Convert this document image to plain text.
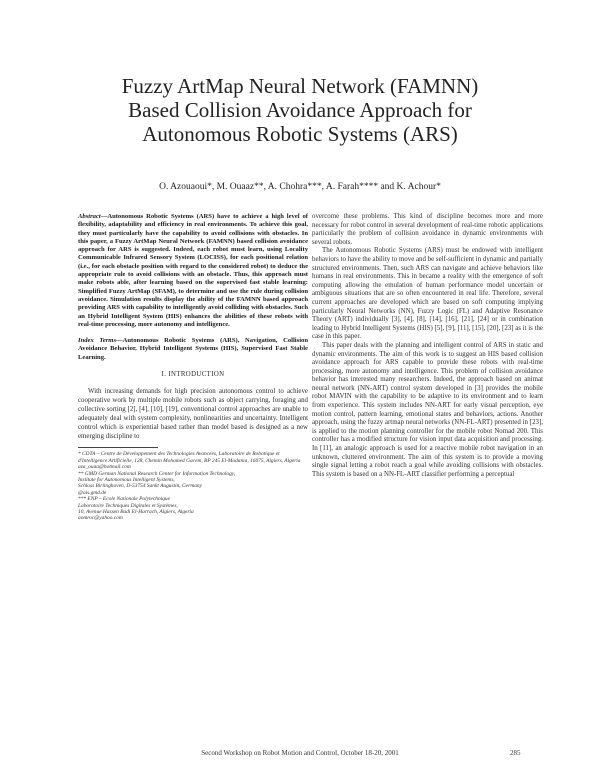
Fuzzy ArtMap Neural Network (FAMNN)
Based Collision Avoidance Approach for
Autonomous Robotic Systems (ARS)
O. Azouaoui*, M. Ouaaz**, A. Chohra***, A. Farah**** and K. Achour*

Abstract—Autonomous Robotic Systems (ARS) have to achieve a high level of flexibility, adaptability and efficiency in real environments. To achieve this goal, they must particularly have the capability to avoid collisions with obstacles. In this paper, a Fuzzy ArtMap Neural Network (FAMNN) based collision avoidance approach for ARS is suggested. Indeed, each robot must learn, using Locality Communicable Infrared Sensory System (LOCISS), for each positional relation (i.e., for each obstacle position with regard to the considered robot) to deduce the appropriate rule to avoid collisions with an obstacle. Thus, this approach must make robots able, after learning based on the supervised fast stable learning: Simplified Fuzzy ArtMap (SFAM), to determine and use the rule during collision avoidance. Simulation results display the ability of the FAMNN based approach providing ARS with capability to intelligently avoid colliding with obstacles. Such an Hybrid Intelligent System (HIS) enhances the abilities of these robots with real-time processing, more autonomy and intelligence.

Index Terms—Autonomous Robotic Systems (ARS), Navigation, Collision Avoidance Behavior, Hybrid Intelligent Systems (HIS), Supervised Fast Stable Learning.

I. INTRODUCTION

With increasing demands for high precision autonomous control to achieve cooperative work by multiple mobile robots such as object carrying, foraging and collective sorting [2], [4], [10], [19], conventional control approaches are unable to adequately deal with system complexity, nonlinearities and uncertainty. Intelligent control which is experiential based rather than model based is designed as a new emerging discipline to

* CDTA – Centre de Développement des Technologies Avancées, Laboratoire de Robotique et d'Intelligence Artificielle, 128, Chemin Mohamed Gacem, BP 245 El-Madania, 16075, Algiers, Algeria
aza_ouaa@hotmail.com
** GMD German National Research Center for Information Technology,
Institute for Autonomous Intelligent Systems,
Schloss Birlinghoven, D-53754 Sankt Augustin, Germany
@ais.gmd.de
*** ENP – Ecole Nationale Polytechnique
Laboratoire Techniques Digitales et Systèmes,
10, Avenue Hassen Badi El-Harrach, Algiers, Algeria
aomroc@yahoo.com

overcome these problems. This kind of discipline becomes more and more necessary for robot control in several development of real-time robotic applications particularly the problem of collision avoidance in dynamic environments with several robots.

The Autonomous Robotic Systems (ARS) must be endowed with intelligent behaviors to have the ability to move and be self-sufficient in dynamic and partially structured environments. Then, such ARS can navigate and achieve behaviors like humans in real environments. This in became a reality with the emergence of soft computing allowing the emulation of human performance model uncertain or ambiguous situations that are so often encountered in real life. Therefore, several current approaches are developed which are based on soft computing implying particularly Neural Networks (NN), Fuzzy Logic (FL) and Adaptive Resonance Theory (ART) individually [3], [4], [8], [14], [16], [21], [24] or in combination leading to Hybrid Intelligent Systems (HIS) [5], [9], [11], [15], [20], [23] as it is the case in this paper.

This paper deals with the planning and intelligent control of ARS in static and dynamic environments. The aim of this work is to suggest an HIS based collision avoidance approach for ARS capable to provide these robots with real-time processing, more autonomy and intelligence. This problem of collision avoidance behavior has interested many researchers. Indeed, the approach based on animat neural network (NN-ART) control system developed in [3] provides the mobile robot MAVIN with the capability to be adaptive to its environment and to learn from experience. This system includes NN-ART for early visual perception, eye motion control, pattern learning, emotional states and behaviors, actions. Another approach, using the fuzzy artmap neural networks (NN-FL-ART) presented in [23], is applied to the motion planning controller for the mobile robot Nomad 200. This controller has a modified structure for vision input data acquisition and processing. In [11], an analogic approach is used for a reactive mobile robot navigation in an unknown, cluttered environment. The aim of this system is to provide a moving single signal letting a robot reach a goal while avoiding collisions with obstacles. This system is based on a NN-FL-ART classifier performing a perceptual

Second Workshop on Robot Motion and Control, October 18-20, 2001	285
